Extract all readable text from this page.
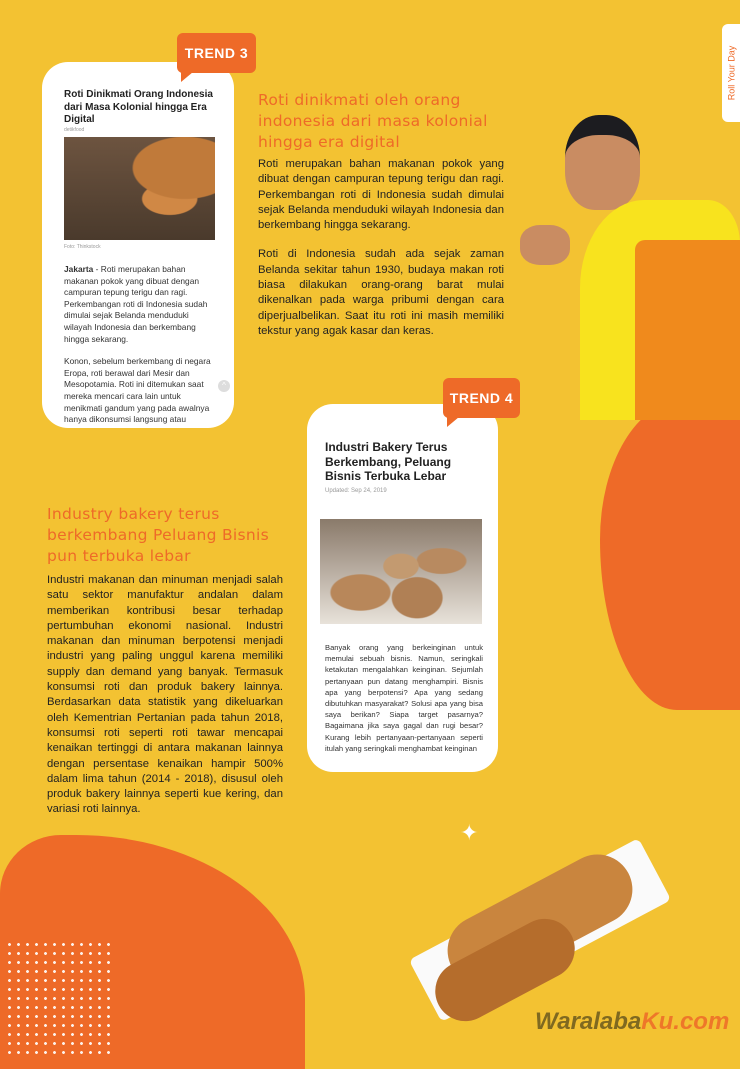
Roll Your Day
Roti Dinikmati Orang Indonesia dari Masa Kolonial hingga Era Digital
detikfood
Foto: Thinkstock

Jakarta - Roti merupakan bahan makanan pokok yang dibuat dengan campuran tepung terigu dan ragi. Perkembangan roti di Indonesia sudah dimulai sejak Belanda menduduki wilayah Indonesia dan berkembang hingga sekarang.

Konon, sebelum berkembang di negara Eropa, roti berawal dari Mesir dan Mesopotamia. Roti ini ditemukan saat mereka mencari cara lain untuk menikmati gandum yang pada awalnya hanya dikonsumsi langsung atau

^
TREND 3
Roti dinikmati oleh orang indonesia dari masa kolonial hingga era digital

Roti merupakan bahan makanan pokok yang dibuat dengan campuran tepung terigu dan ragi. Perkembangan roti di Indonesia sudah dimulai sejak Belanda menduduki wilayah Indonesia dan berkembang hingga sekarang.

Roti di Indonesia sudah ada sejak zaman Belanda sekitar tahun 1930, budaya makan roti biasa dilakukan orang-orang barat mulai dikenalkan pada warga pribumi dengan cara diperjualbelikan. Saat itu roti ini masih memiliki tekstur yang agak kasar dan keras.

Industri Bakery Terus Berkembang, Peluang Bisnis Terbuka Lebar
Updated: Sep 24, 2019
Banyak orang yang berkeinginan untuk memulai sebuah bisnis. Namun, seringkali ketakutan mengalahkan keinginan. Sejumlah pertanyaan pun datang menghampiri. Bisnis apa yang berpotensi? Apa yang sedang dibutuhkan masyarakat? Solusi apa yang bisa saya berikan? Siapa target pasarnya? Bagaimana jika saya gagal dan rugi besar? Kurang lebih pertanyaan-pertanyaan seperti itulah yang seringkali menghambat keinginan
TREND 4
Industry bakery terus berkembang Peluang Bisnis pun terbuka lebar
Industri makanan dan minuman menjadi salah satu sektor manufaktur andalan dalam memberikan kontribusi besar terhadap pertumbuhan ekonomi nasional. Industri makanan dan minuman berpotensi menjadi industri yang paling unggul karena memiliki supply dan demand yang banyak. Termasuk konsumsi roti dan produk bakery lainnya. Berdasarkan data statistik yang dikeluarkan oleh Kementrian Pertanian pada tahun 2018, konsumsi roti seperti roti tawar mencapai kenaikan tertinggi di antara makanan lainnya dengan persentase kenaikan hampir 500% dalam lima tahun (2014 - 2018), disusul oleh produk bakery lainnya seperti kue kering, dan variasi roti lainnya.
✦
WaralabaKu.com
